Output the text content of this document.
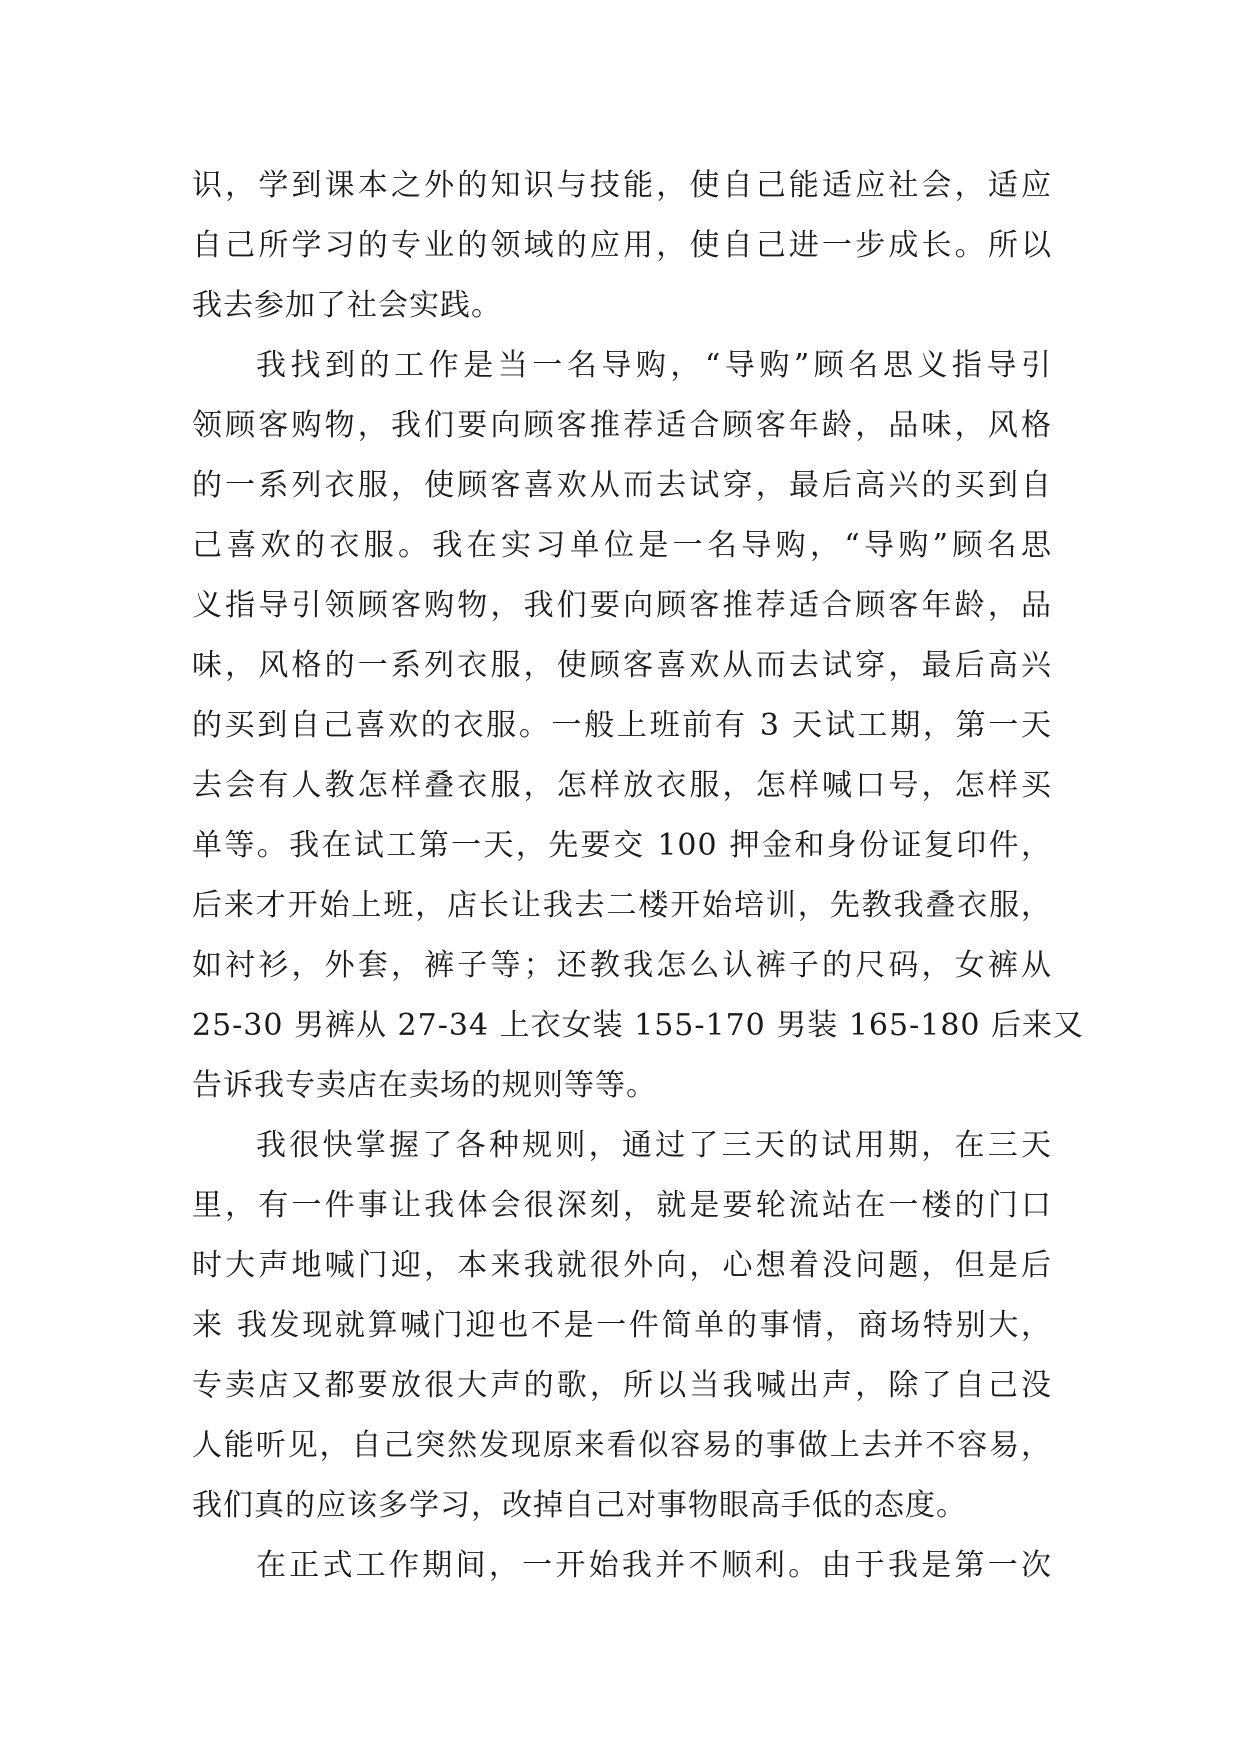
识，学到课本之外的知识与技能，使自己能适应社会，适应
自己所学习的专业的领域的应用，使自己进一步成长。所以
我去参加了社会实践。
我找到的工作是当一名导购，“导购”顾名思义指导引
领顾客购物，我们要向顾客推荐适合顾客年龄，品味，风格
的一系列衣服，使顾客喜欢从而去试穿，最后高兴的买到自
己喜欢的衣服。我在实习单位是一名导购，“导购”顾名思
义指导引领顾客购物，我们要向顾客推荐适合顾客年龄，品
味，风格的一系列衣服，使顾客喜欢从而去试穿，最后高兴
的买到自己喜欢的衣服。一般上班前有 3 天试工期，第一天
去会有人教怎样叠衣服，怎样放衣服，怎样喊口号，怎样买
单等。我在试工第一天，先要交 100 押金和身份证复印件，
后来才开始上班，店长让我去二楼开始培训，先教我叠衣服，
如衬衫，外套，裤子等；还教我怎么认裤子的尺码，女裤从
25-30 男裤从 27-34 上衣女装 155-170 男装 165-180 后来又
告诉我专卖店在卖场的规则等等。
我很快掌握了各种规则，通过了三天的试用期，在三天
里，有一件事让我体会很深刻，就是要轮流站在一楼的门口
时大声地喊门迎，本来我就很外向，心想着没问题，但是后
来 我发现就算喊门迎也不是一件简单的事情，商场特别大，
专卖店又都要放很大声的歌，所以当我喊出声，除了自己没
人能听见，自己突然发现原来看似容易的事做上去并不容易，
我们真的应该多学习，改掉自己对事物眼高手低的态度。
在正式工作期间，一开始我并不顺利。由于我是第一次
